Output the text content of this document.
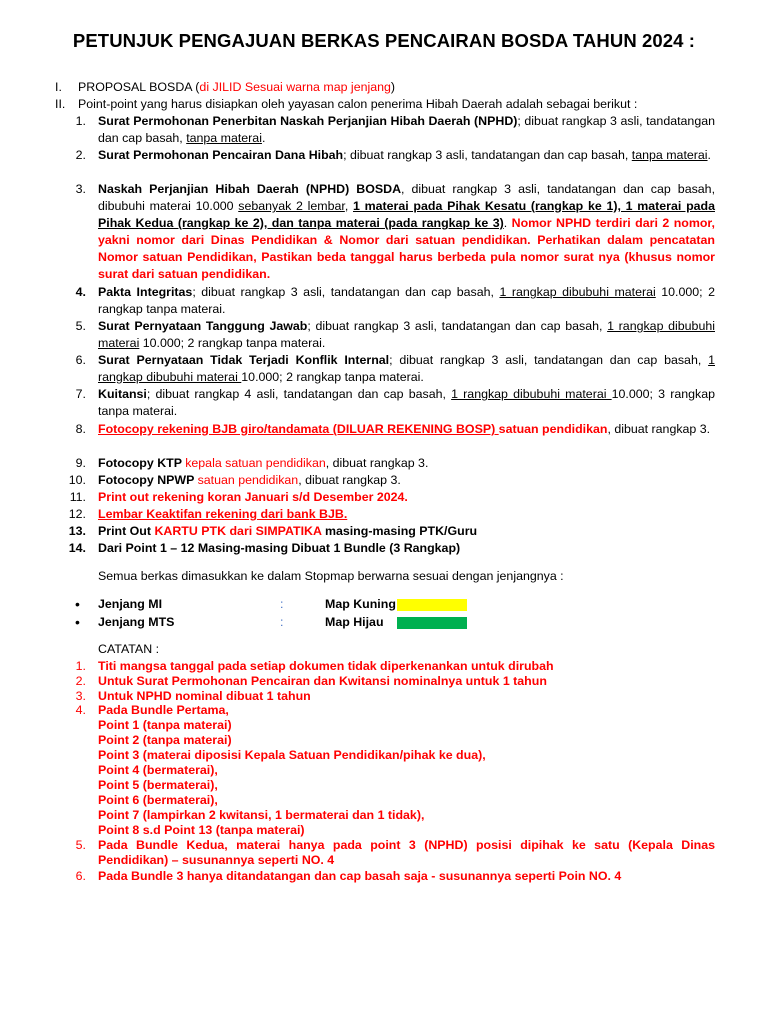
PETUNJUK PENGAJUAN BERKAS PENCAIRAN BOSDA TAHUN 2024 :
I.	PROPOSAL BOSDA (di JILID Sesuai warna map jenjang)
II. Point-point yang harus disiapkan oleh yayasan calon penerima Hibah Daerah adalah sebagai berikut :
1. Surat Permohonan Penerbitan Naskah Perjanjian Hibah Daerah (NPHD); dibuat rangkap 3 asli, tandatangan dan cap basah, tanpa materai.
2. Surat Permohonan Pencairan Dana Hibah; dibuat rangkap 3 asli, tandatangan dan cap basah, tanpa materai.
3. Naskah Perjanjian Hibah Daerah (NPHD) BOSDA, dibuat rangkap 3 asli, tandatangan dan cap basah, dibubuhi materai 10.000 sebanyak 2 lembar, 1 materai pada Pihak Kesatu (rangkap ke 1), 1 materai pada Pihak Kedua (rangkap ke 2), dan tanpa materai (pada rangkap ke 3). Nomor NPHD terdiri dari 2 nomor, yakni nomor dari Dinas Pendidikan & Nomor dari satuan pendidikan. Perhatikan dalam pencatatan Nomor satuan Pendidikan, Pastikan beda tanggal harus berbeda pula nomor surat nya (khusus nomor surat dari satuan pendidikan.
4. Pakta Integritas; dibuat rangkap 3 asli, tandatangan dan cap basah, 1 rangkap dibubuhi materai 10.000; 2 rangkap tanpa materai.
5. Surat Pernyataan Tanggung Jawab; dibuat rangkap 3 asli, tandatangan dan cap basah, 1 rangkap dibubuhi materai 10.000; 2 rangkap tanpa materai.
6. Surat Pernyataan Tidak Terjadi Konflik Internal; dibuat rangkap 3 asli, tandatangan dan cap basah, 1 rangkap dibubuhi materai 10.000; 2 rangkap tanpa materai.
7. Kuitansi; dibuat rangkap 4 asli, tandatangan dan cap basah, 1 rangkap dibubuhi materai 10.000; 3 rangkap tanpa materai.
8. Fotocopy rekening BJB giro/tandamata (DILUAR REKENING BOSP) satuan pendidikan, dibuat rangkap 3.
9. Fotocopy KTP kepala satuan pendidikan, dibuat rangkap 3.
10. Fotocopy NPWP satuan pendidikan, dibuat rangkap 3.
11. Print out rekening koran Januari s/d Desember 2024.
12. Lembar Keaktifan rekening dari bank BJB.
13. Print Out KARTU PTK dari SIMPATIKA masing-masing PTK/Guru
14. Dari Point 1 – 12 Masing-masing Dibuat 1 Bundle (3 Rangkap)
Semua berkas dimasukkan ke dalam Stopmap berwarna sesuai dengan jenjangnya :
• Jenjang MI	:	Map Kuning
• Jenjang MTS	:	Map Hijau
CATATAN :
1. Titi mangsa tanggal pada setiap dokumen tidak diperkenankan untuk dirubah
2. Untuk Surat Permohonan Pencairan dan Kwitansi nominalnya untuk 1 tahun
3. Untuk NPHD nominal dibuat 1 tahun
4. Pada Bundle Pertama,
Point 1 (tanpa materai)
Point 2 (tanpa materai)
Point 3 (materai diposisi Kepala Satuan Pendidikan/pihak ke dua),
Point 4 (bermaterai),
Point 5 (bermaterai),
Point 6 (bermaterai),
Point 7 (lampirkan 2 kwitansi, 1 bermaterai dan 1 tidak),
Point 8 s.d Point 13 (tanpa materai)
5. Pada Bundle Kedua, materai hanya pada point 3 (NPHD) posisi dipihak ke satu (Kepala Dinas Pendidikan) – susunannya seperti NO. 4
6. Pada Bundle 3 hanya ditandatangan dan cap basah saja - susunannya seperti Poin NO. 4
